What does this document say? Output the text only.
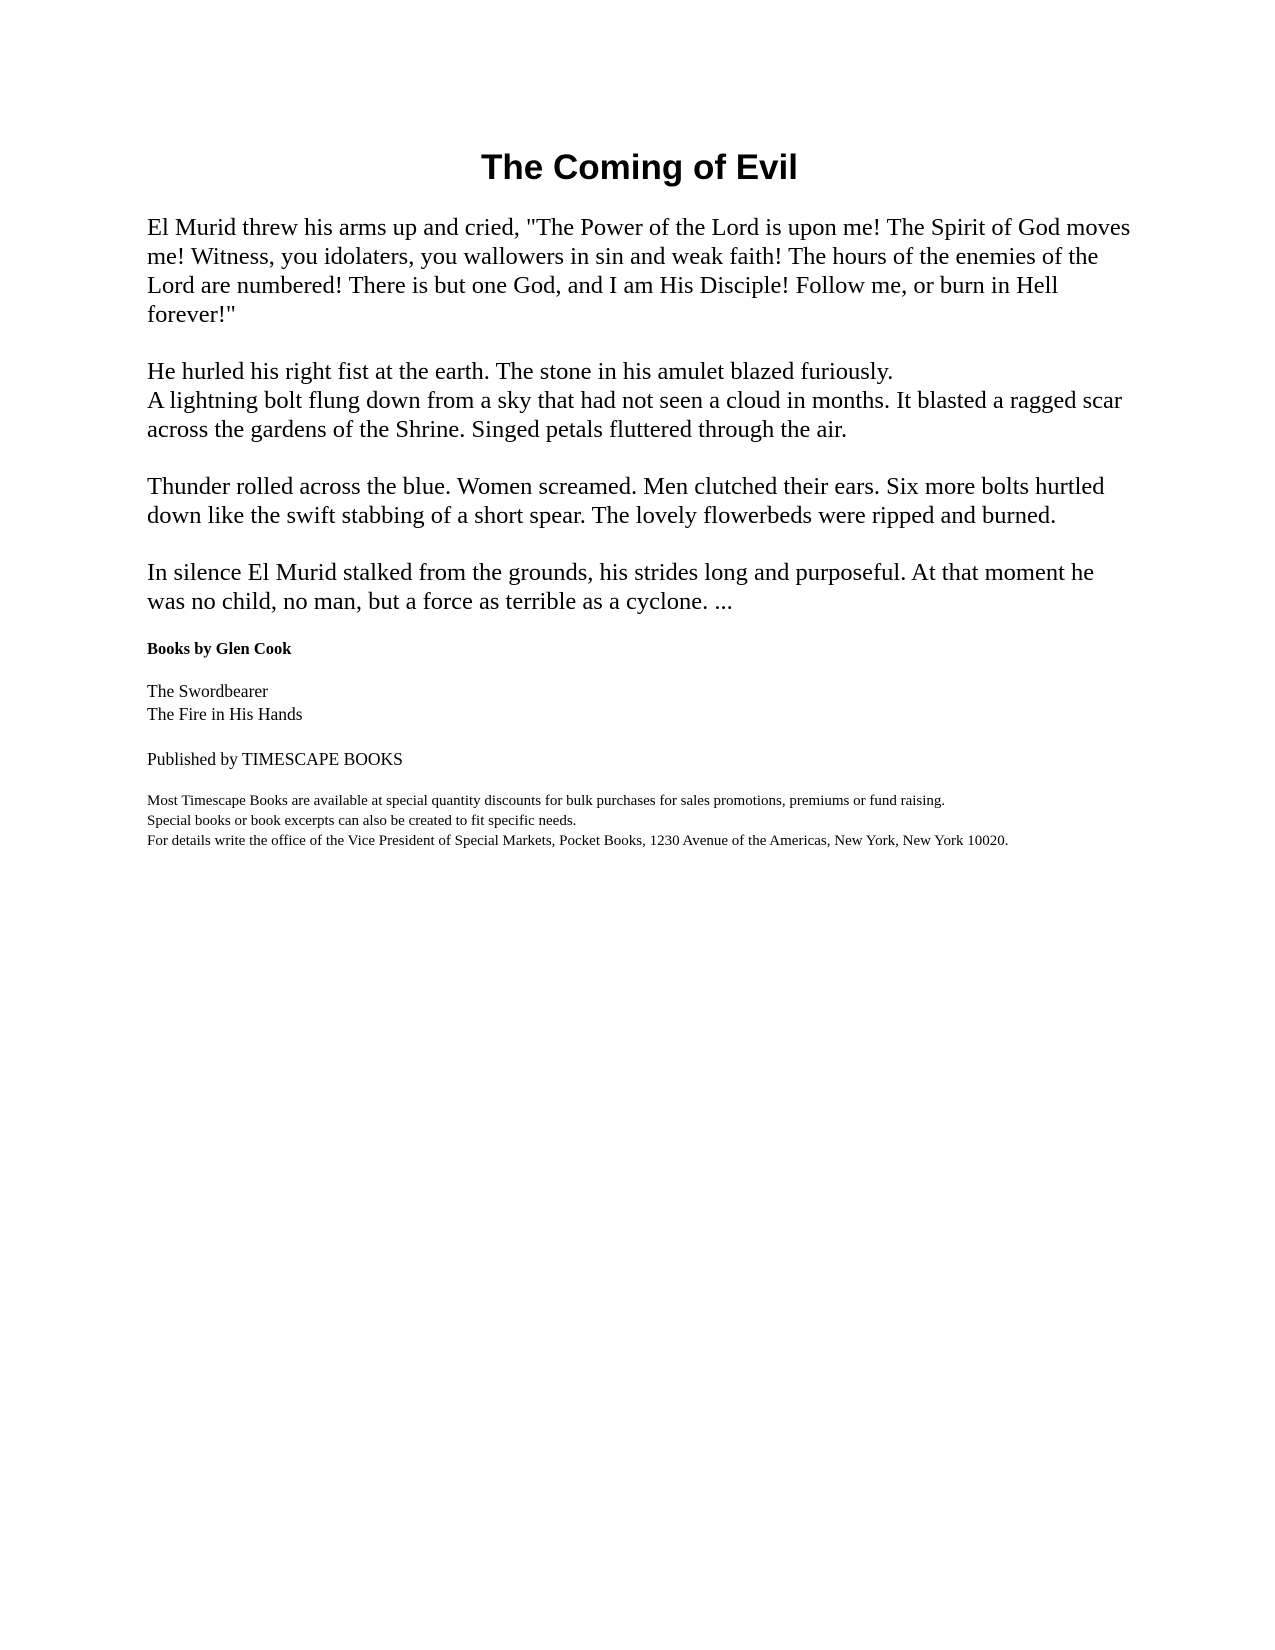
The Coming of Evil

El Murid threw his arms up and cried, "The Power of the Lord is upon me! The Spirit of God moves me! Witness, you idolaters, you wallowers in sin and weak faith! The hours of the enemies of the Lord are numbered! There is but one God, and I am His Disciple! Follow me, or burn in Hell forever!"

He hurled his right fist at the earth. The stone in his amulet blazed furiously.
A lightning bolt flung down from a sky that had not seen a cloud in months. It blasted a ragged scar across the gardens of the Shrine. Singed petals fluttered through the air.

Thunder rolled across the blue. Women screamed. Men clutched their ears. Six more bolts hurtled down like the swift stabbing of a short spear. The lovely flowerbeds were ripped and burned.

In silence El Murid stalked from the grounds, his strides long and purposeful. At that moment he was no child, no man, but a force as terrible as a cyclone. ...

Books by Glen Cook
The Swordbearer
The Fire in His Hands
Published by TIMESCAPE BOOKS
Most Timescape Books are available at special quantity discounts for bulk purchases for sales promotions, premiums or fund raising.
Special books or book excerpts can also be created to fit specific needs.
For details write the office of the Vice President of Special Markets, Pocket Books, 1230 Avenue of the Americas, New York, New York 10020.
